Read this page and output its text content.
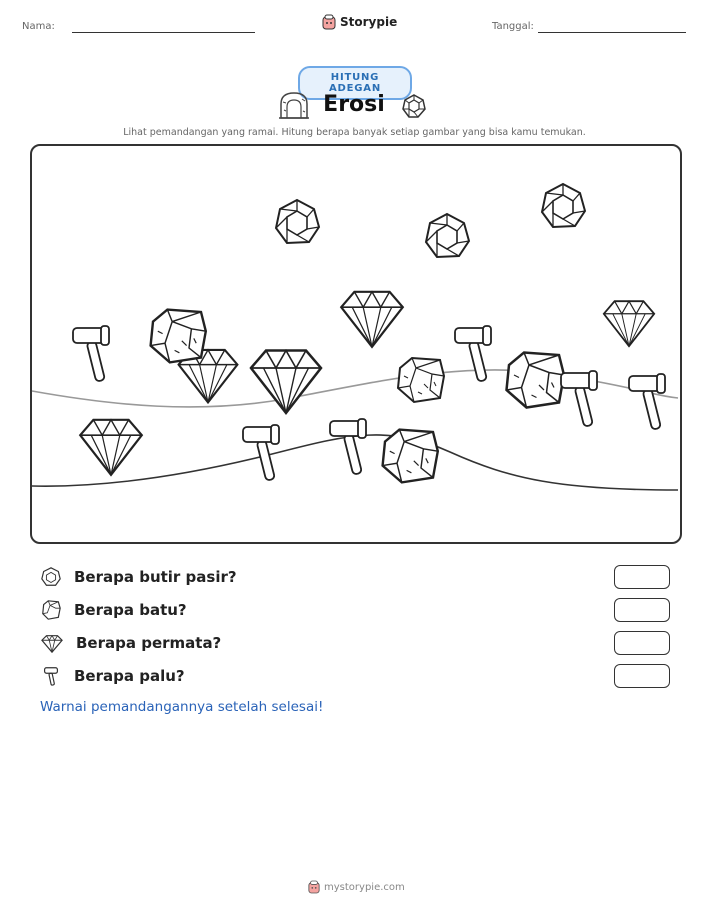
Nama:	Storypie	Tanggal:
HITUNG ADEGAN
Erosi
Lihat pemandangan yang ramai. Hitung berapa banyak setiap gambar yang bisa kamu temukan.
Berapa butir pasir?
Berapa batu?
Berapa permata?
Berapa palu?
Warnai pemandangannya setelah selesai!
mystorypie.com
